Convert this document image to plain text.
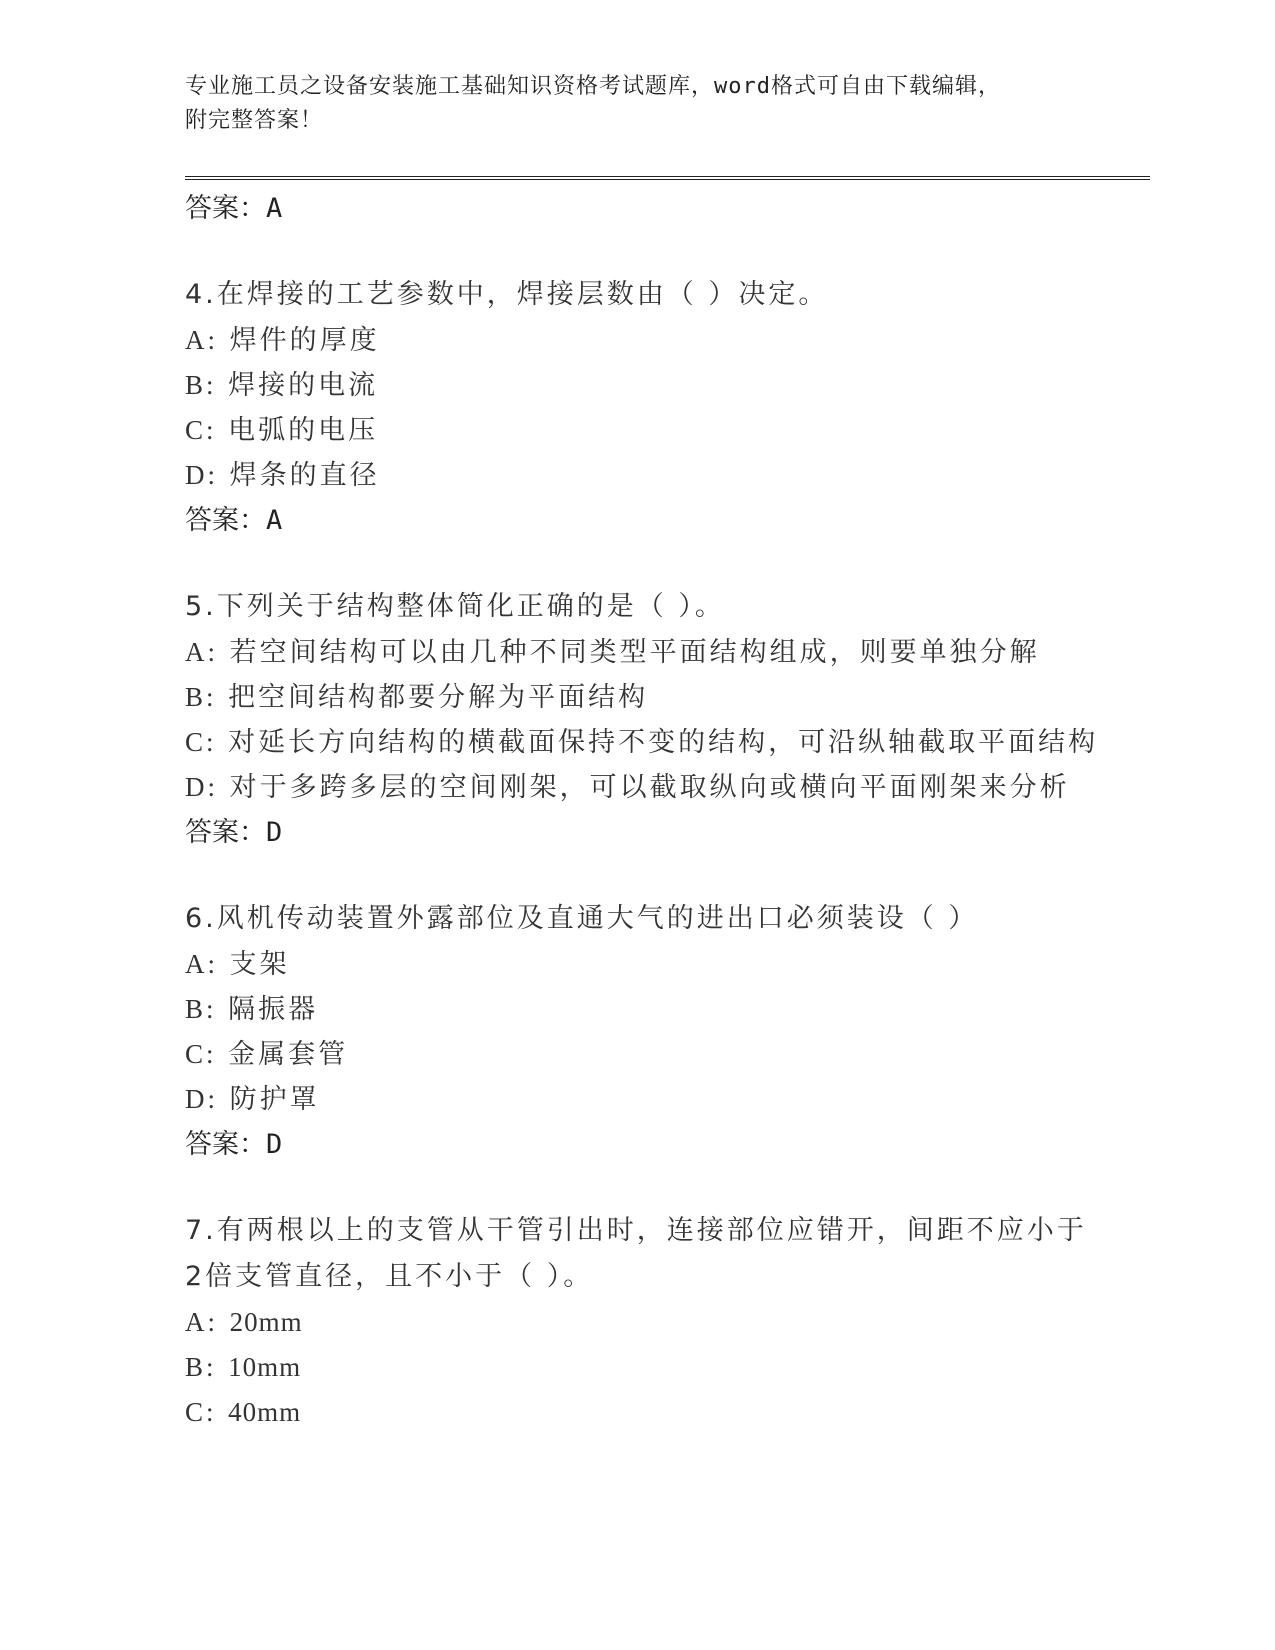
专业施工员之设备安装施工基础知识资格考试题库，word格式可自由下载编辑，
附完整答案！

答案：A

4.在焊接的工艺参数中，焊接层数由（ ）决定。

A: 焊件的厚度

B: 焊接的电流

C: 电弧的电压

D: 焊条的直径

答案：A

5.下列关于结构整体简化正确的是（ ）。

A: 若空间结构可以由几种不同类型平面结构组成，则要单独分解

B: 把空间结构都要分解为平面结构

C: 对延长方向结构的横截面保持不变的结构，可沿纵轴截取平面结构

D: 对于多跨多层的空间刚架，可以截取纵向或横向平面刚架来分析

答案：D

6.风机传动装置外露部位及直通大气的进出口必须装设（ ）

A: 支架

B: 隔振器

C: 金属套管

D: 防护罩

答案：D

7.有两根以上的支管从干管引出时，连接部位应错开，间距不应小于
2倍支管直径，且不小于（ ）。

A: 20mm

B: 10mm

C: 40mm
